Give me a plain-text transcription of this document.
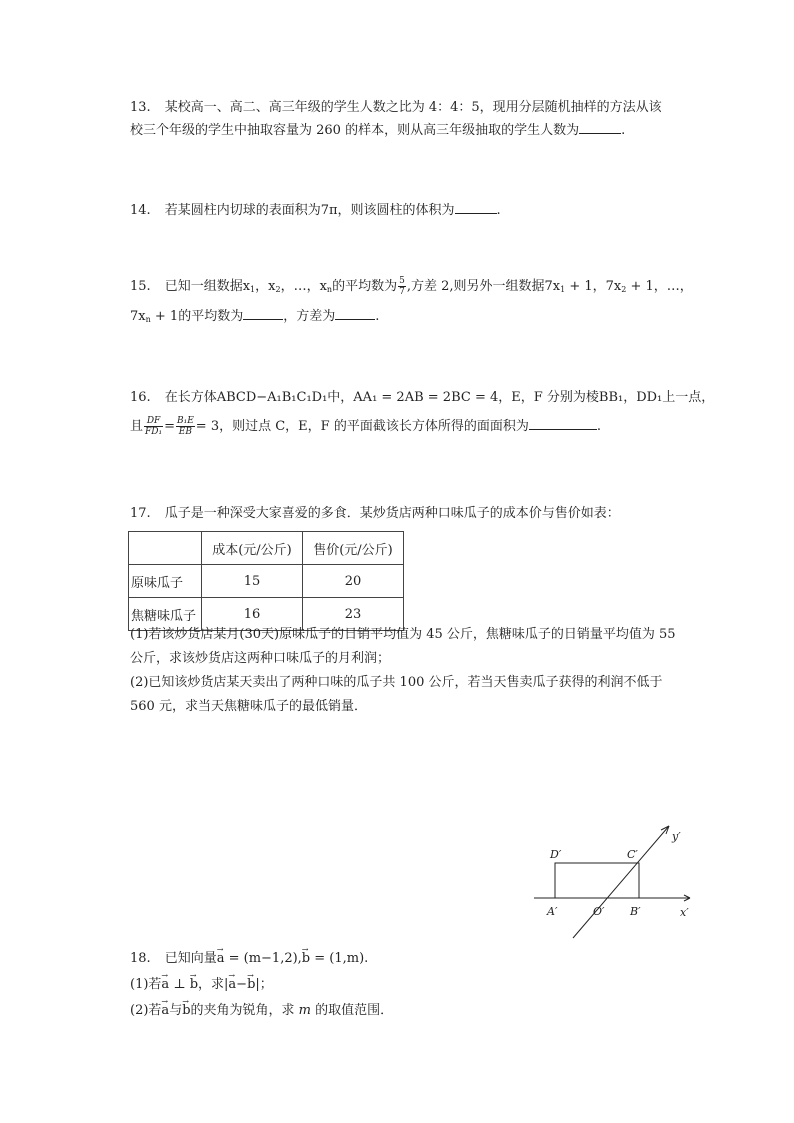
13. 某校高一、高二、高三年级的学生人数之比为 4：4：5，现用分层随机抽样的方法从该
校三个年级的学生中抽取容量为 260 的样本，则从高三年级抽取的学生人数为	.
14. 若某圆柱内切球的表面积为7π，则该圆柱的体积为	.
15. 已知一组数据$x_1$，$x_2$，…，$x_n$的平均数为 $\frac{5}{7}$ ,方差 2,则另外一组数据$7x_1 + 1$，$7x_2 + 1$，…，
$7x_n + 1$的平均数为	，方差为	.
16. 在长方体ABCD−A₁B₁C₁D₁中，AA₁ = 2AB = 2BC = 4，E，F 分别为棱BB₁，DD₁上一点，
且 $\frac{DF}{\text{FD₁}} = \frac{\text{B₁E}}{EB} = 3$，则过点 C，E，F 的平面截该长方体所得的面面积为	.
17. 瓜子是一种深受大家喜爱的多食．某炒货店两种口味瓜子的成本价与售价如表：
	成本(元/公斤)	售价(元/公斤)
原味瓜子	15	20
焦糖味瓜子	16	23
(1)若该炒货店某月(30天)原味瓜子的日销平均值为 45 公斤，焦糖味瓜子的日销量平均值为 55
公斤，求该炒货店这两种口味瓜子的月利润；
(2)已知该炒货店某天卖出了两种口味的瓜子共 100 公斤，若当天售卖瓜子获得的利润不低于
560 元，求当天焦糖味瓜子的最低销量．
D′	C′
A′	O′ B′	x′
y′
18. 已知向量→ a = (m−1,2),→ b = (1,m).
(1)若→ a ⊥ → b，求|→ a−→ b|；
(2)若→ a与→ b的夹角为锐角，求 m 的取值范围．
